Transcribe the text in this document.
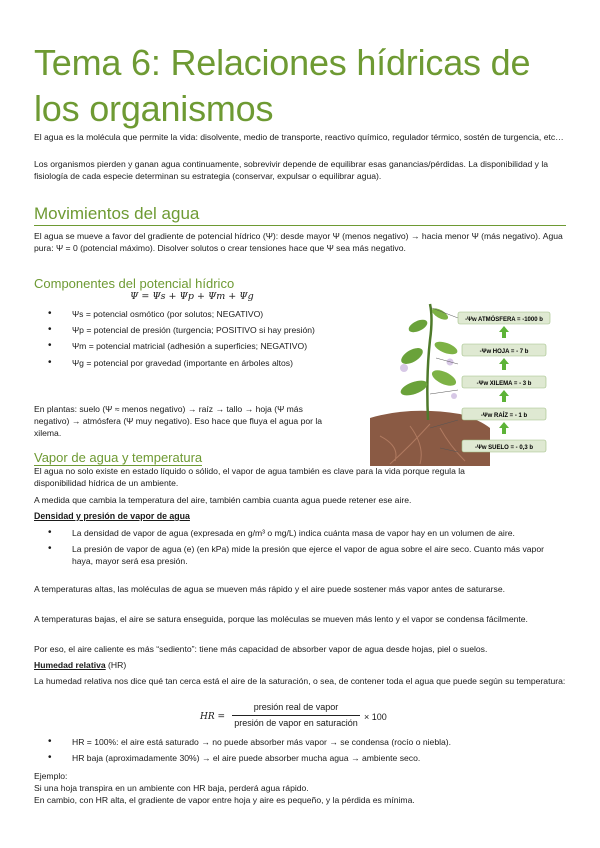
Tema 6: Relaciones hídricas de los organismos

El agua es la molécula que permite la vida: disolvente, medio de transporte, reactivo químico, regulador térmico, sostén de turgencia, etc…

Los organismos pierden y ganan agua continuamente, sobrevivir depende de equilibrar esas ganancias/pérdidas. La disponibilidad y la fisiología de cada especie determinan su estrategia (conservar, expulsar o equilibrar agua).

Movimientos del agua

El agua se mueve a favor del gradiente de potencial hídrico (Ψ): desde mayor Ψ (menos negativo) → hacia menor Ψ (más negativo). Agua pura: Ψ = 0 (potencial máximo). Disolver solutos o crear tensiones hace que Ψ sea más negativo.

Componentes del potencial hídrico
Ψ = Ψs + Ψp + Ψm + Ψg
• Ψs = potencial osmótico (por solutos; NEGATIVO)
• Ψp = potencial de presión (turgencia; POSITIVO si hay presión)
• Ψm = potencial matricial (adhesión a superficies; NEGATIVO)
• Ψg = potencial por gravedad (importante en árboles altos)

En plantas: suelo (Ψ ≈ menos negativo) → raíz → tallo → hoja (Ψ más negativo) → atmósfera (Ψ muy negativo). Eso hace que fluya el agua por la xilema.

Vapor de agua y temperatura

El agua no solo existe en estado líquido o sólido, el vapor de agua también es clave para la vida porque regula la disponibilidad hídrica de un ambiente.

A medida que cambia la temperatura del aire, también cambia cuanta agua puede retener ese aire.

Densidad y presión de vapor de agua

• La densidad de vapor de agua (expresada en g/m³ o mg/L) indica cuánta masa de vapor hay en un volumen de aire.
• La presión de vapor de agua (e) (en kPa) mide la presión que ejerce el vapor de agua sobre el aire seco. Cuanto más vapor haya, mayor será esa presión.

A temperaturas altas, las moléculas de agua se mueven más rápido y el aire puede sostener más vapor antes de saturarse.

A temperaturas bajas, el aire se satura enseguida, porque las moléculas se mueven más lento y el vapor se condensa fácilmente.

Por eso, el aire caliente es más “sediento”: tiene más capacidad de absorber vapor de agua desde hojas, piel o suelos.

Humedad relativa (HR)

La humedad relativa nos dice qué tan cerca está el aire de la saturación, o sea, de contener toda el agua que puede según su temperatura:

HR =
presión real de vapor
presión de vapor en saturación
× 100
• HR = 100%: el aire está saturado → no puede absorber más vapor → se condensa (rocío o niebla).
• HR baja (aproximadamente 30%) → el aire puede absorber mucha agua → ambiente seco.

Ejemplo:

Si una hoja transpira en un ambiente con HR baja, perderá agua rápido.

En cambio, con HR alta, el gradiente de vapor entre hoja y aire es pequeño, y la pérdida es mínima.

-Ψw ATMÓSFERA = -1000 b
-Ψw HOJA = - 7 b
-Ψw XILEMA = - 3 b
-Ψw RAÍZ = - 1 b
-Ψw SUELO = - 0,3 b
